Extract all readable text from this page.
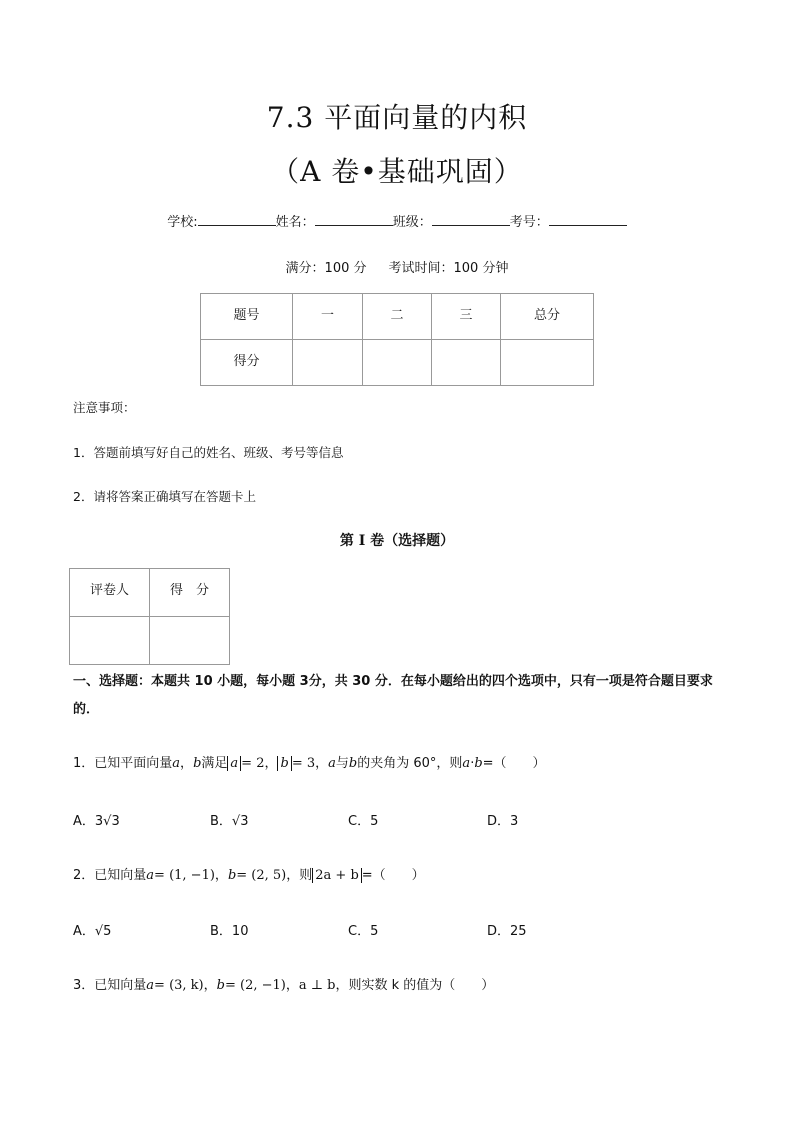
7.3 平面向量的内积
（A 卷•基础巩固）
学校:	姓名：	班级：	考号：
满分：100 分 考试时间：100 分钟
题号	一	二	三	总分
得分				
注意事项：
1．答题前填写好自己的姓名、班级、考号等信息
2．请将答案正确填写在答题卡上
第 I 卷（选择题）
评卷人	得　分

一、选择题：本题共 10 小题，每小题 3分，共 30 分．在每小题给出的四个选项中，只有一项是符合题目要求的．
1．已知平面向量a，b满足 a = 2， b = 3，a与b的夹角为 60°，则a·b=（　　）
A．3√3	B．√3	C．5	D．3
2．已知向量a= (1, −1)，b= (2, 5)，则 2a + b =（　　）
A．√5	B．10	C．5	D．25
3．已知向量a= (3, k)，b= (2, −1)，a ⊥ b，则实数 k 的值为（　　）
